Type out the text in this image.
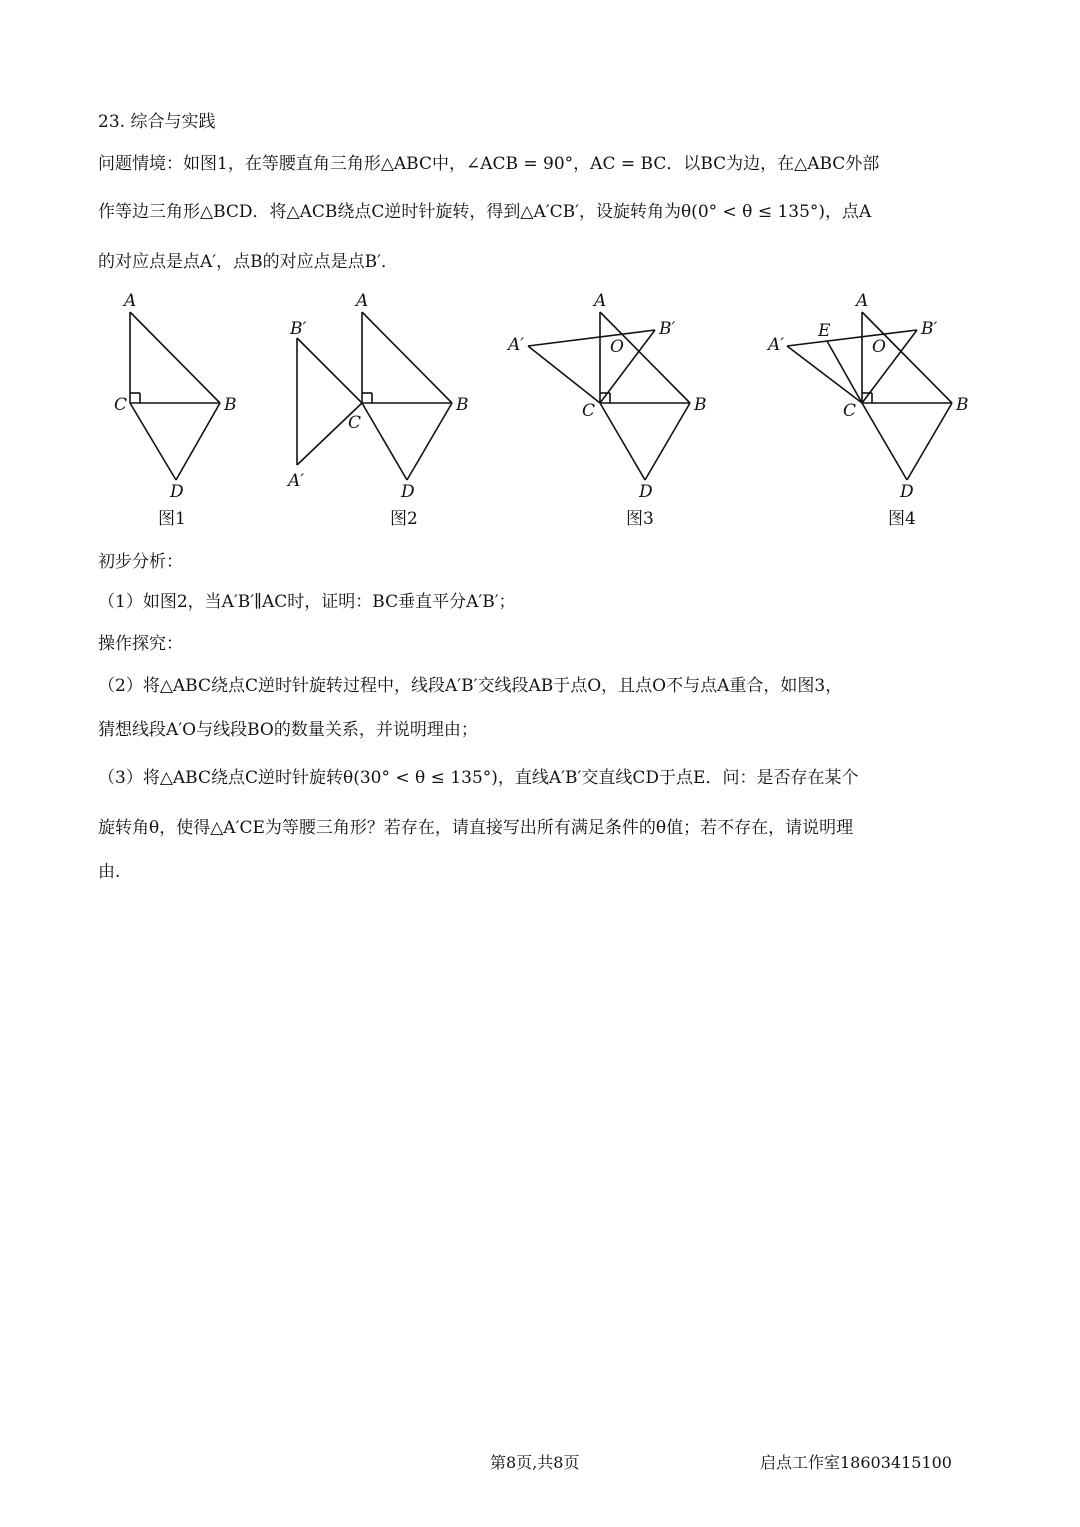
23. 综合与实践
问题情境：如图1，在等腰直角三角形△ABC中，∠ACB = 90°，AC = BC．以BC为边，在△ABC外部
作等边三角形△BCD．将△ACB绕点C逆时针旋转，得到△A′CB′，设旋转角为θ(0° < θ ≤ 135°)，点A
的对应点是点A′，点B的对应点是点B′．
A
C	B
D
图1
A
B′
C
B
A′
D
图2
A
B′
A′	O
C	B
D
图3
A
E	B′
A′	O
C	B
D
图4
初步分析：
（1）如图2，当A′B′∥AC时，证明：BC垂直平分A′B′；
操作探究：
（2）将△ABC绕点C逆时针旋转过程中，线段A′B′交线段AB于点O，且点O不与点A重合，如图3，
猜想线段A′O与线段BO的数量关系，并说明理由；
（3）将△ABC绕点C逆时针旋转θ(30° < θ ≤ 135°)，直线A′B′交直线CD于点E．问：是否存在某个
旋转角θ，使得△A′CE为等腰三角形？若存在，请直接写出所有满足条件的θ值；若不存在，请说明理
由.
第8页,共8页	启点工作室18603415100
